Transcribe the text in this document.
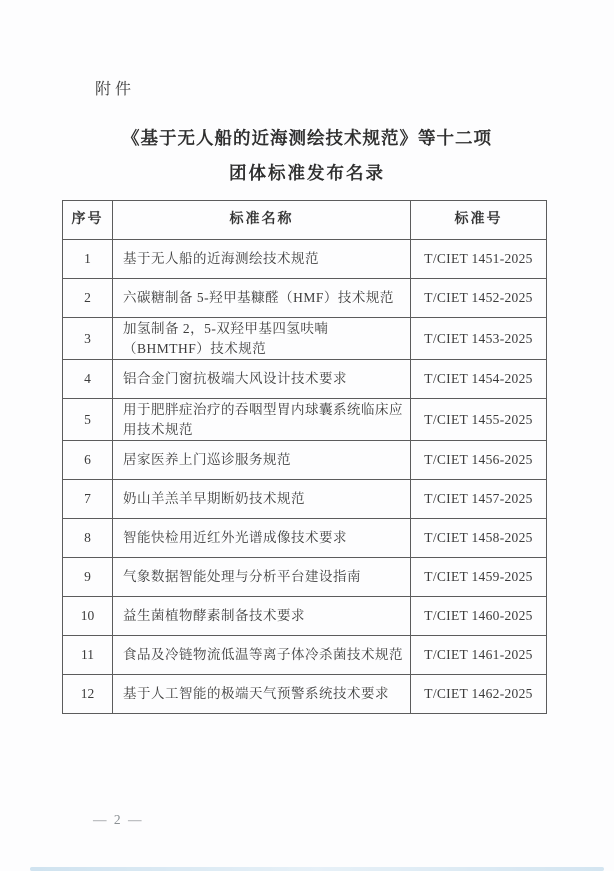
附件
《基于无人船的近海测绘技术规范》等十二项
团体标准发布名录
序号	标准名称	标准号
1	基于无人船的近海测绘技术规范	T/CIET 1451-2025
2	六碳糖制备 5-羟甲基糠醛（HMF）技术规范	T/CIET 1452-2025
3	加氢制备 2，5-双羟甲基四氢呋喃（BHMTHF）技术规范	T/CIET 1453-2025
4	铝合金门窗抗极端大风设计技术要求	T/CIET 1454-2025
5	用于肥胖症治疗的吞咽型胃内球囊系统临床应用技术规范	T/CIET 1455-2025
6	居家医养上门巡诊服务规范	T/CIET 1456-2025
7	奶山羊羔羊早期断奶技术规范	T/CIET 1457-2025
8	智能快检用近红外光谱成像技术要求	T/CIET 1458-2025
9	气象数据智能处理与分析平台建设指南	T/CIET 1459-2025
10	益生菌植物酵素制备技术要求	T/CIET 1460-2025
11	食品及冷链物流低温等离子体冷杀菌技术规范	T/CIET 1461-2025
12	基于人工智能的极端天气预警系统技术要求	T/CIET 1462-2025
— 2 —
